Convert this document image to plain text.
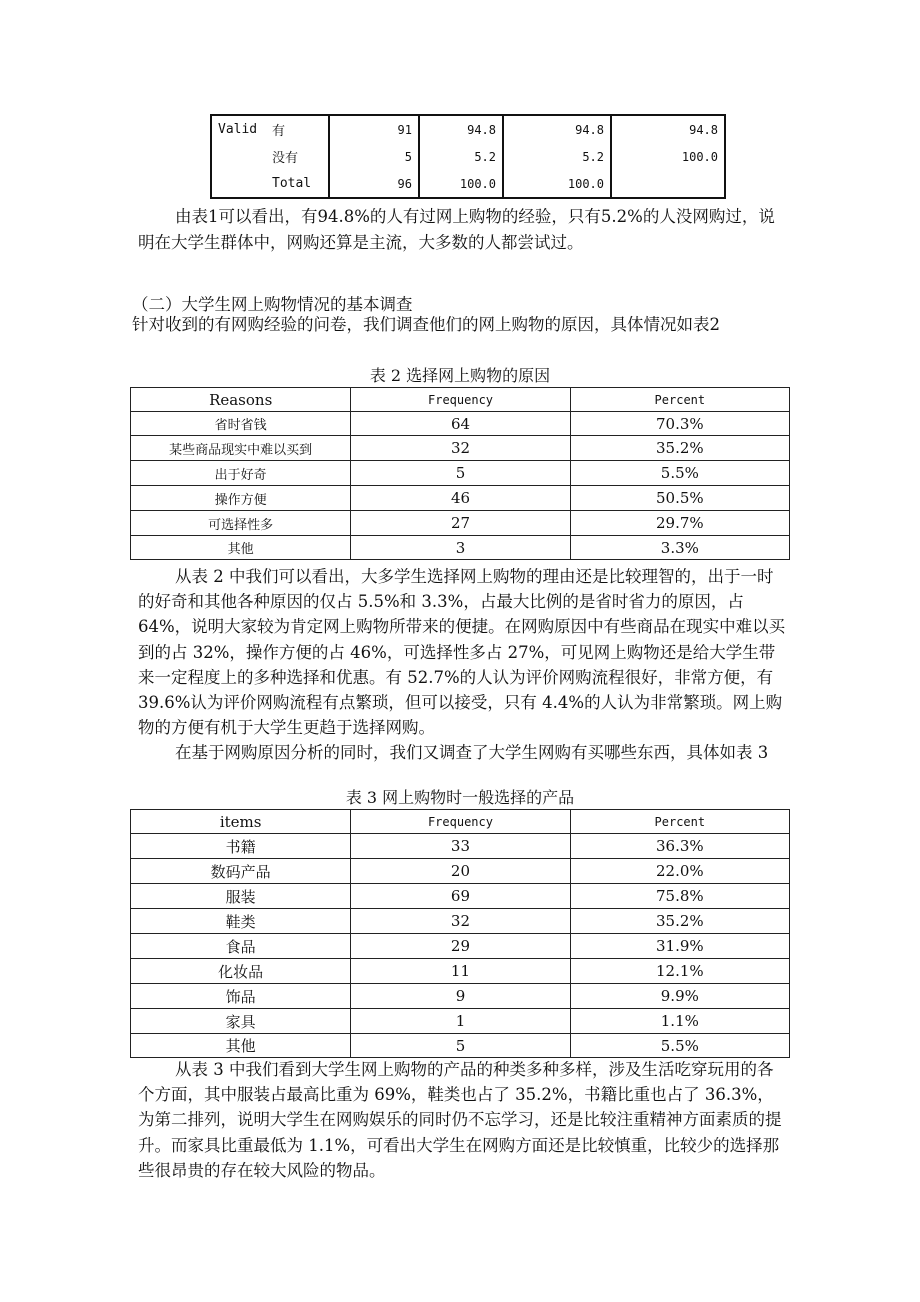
Valid	有	91	94.8	94.8	94.8
	没有	5	5.2	5.2	100.0
	Total	96	100.0	100.0	

由表1可以看出，有94.8%的人有过网上购物的经验，只有5.2%的人没网购过，说明在大学生群体中，网购还算是主流，大多数的人都尝试过。

（二）大学生网上购物情况的基本调查

针对收到的有网购经验的问卷，我们调查他们的网上购物的原因，具体情况如表2

表 2 选择网上购物的原因
Reasons	Frequency	Percent
省时省钱	64	70.3%
某些商品现实中难以买到	32	35.2%
出于好奇	5	5.5%
操作方便	46	50.5%
可选择性多	27	29.7%
其他	3	3.3%

从表 2 中我们可以看出，大多学生选择网上购物的理由还是比较理智的，出于一时的好奇和其他各种原因的仅占 5.5%和 3.3%，占最大比例的是省时省力的原因，占 64%，说明大家较为肯定网上购物所带来的便捷。在网购原因中有些商品在现实中难以买到的占 32%，操作方便的占 46%，可选择性多占 27%，可见网上购物还是给大学生带来一定程度上的多种选择和优惠。有 52.7%的人认为评价网购流程很好，非常方便，有 39.6%认为评价网购流程有点繁琐，但可以接受，只有 4.4%的人认为非常繁琐。网上购物的方便有机于大学生更趋于选择网购。

在基于网购原因分析的同时，我们又调查了大学生网购有买哪些东西，具体如表 3

表 3 网上购物时一般选择的产品
items	Frequency	Percent
书籍	33	36.3%
数码产品	20	22.0%
服装	69	75.8%
鞋类	32	35.2%
食品	29	31.9%
化妆品	11	12.1%
饰品	9	9.9%
家具	1	1.1%
其他	5	5.5%

从表 3 中我们看到大学生网上购物的产品的种类多种多样，涉及生活吃穿玩用的各个方面，其中服装占最高比重为 69%，鞋类也占了 35.2%，书籍比重也占了 36.3%，为第二排列，说明大学生在网购娱乐的同时仍不忘学习，还是比较注重精神方面素质的提升。而家具比重最低为 1.1%，可看出大学生在网购方面还是比较慎重，比较少的选择那些很昂贵的存在较大风险的物品。
